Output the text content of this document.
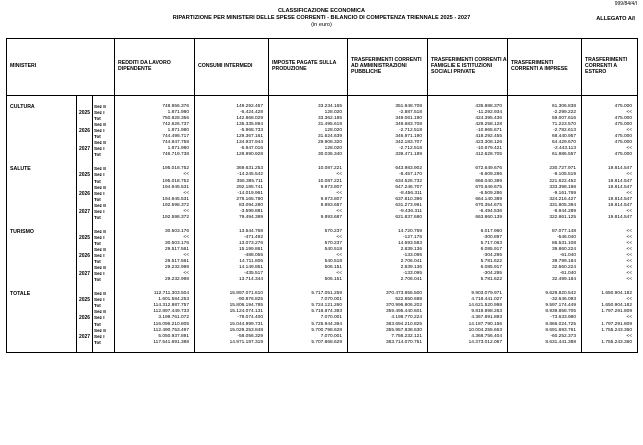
999/84/4/I
CLASSIFICAZIONE ECONOMICA
RIPARTIZIONE PER MINISTERI DELLE SPESE CORRENTI - BILANCIO DI COMPETENZA TRIENNALE 2025 - 2027
(in euro)
ALLEGATO A/I
MINISTERI			REDDITI DA LAVORO DIPENDENTE	CONSUMI INTERMEDI	IMPOSTE PAGATE SULLA PRODUZIONE	TRASFERIMENTI CORRENTI AD AMMINISTRAZIONI PUBBLICHE	TRASFERIMENTI CORRENTI A FAMIGLIE E ISTITUZIONI SOCIALI PRIVATE	TRASFERIMENTI CORRENTI A IMPRESE	TRASFERIMENTI CORRENTI A ESTERO

CULTURA		Sez II	748.956.376	149.292.457	33.234.165	351.948.708	435.888.370	61.306.838	475.000
	2025	Sez I	1.871.980	-6.424.428	128.020	-2.887.518	-11.292.934	-2.299.222	<<
		Tot	750.828.356	142.868.029	33.362.185	349.061.190	424.395.436	59.007.616	475.000
		Sez II	742.626.737	135.335.894	31.495.619	349.683.708	429.258.128	71.223.570	475.000
	2026	Sez I	1.871.980	-5.968.733	128.020	-2.712.518	-10.965.671	-2.782.613	<<
		Tot	744.498.717	129.367.161	31.624.639	346.971.190	418.292.455	68.440.957	475.000
		Sez II	744.847.758	134.937.944	29.908.320	342.183.707	423.308.126	64.429.670	475.000
	2027	Sez I	1.871.980	-5.947.016	128.020	-2.712.518	-10.679.421	-2.443.113	<<
		Tot	746.719.738	128.990.928	30.036.340	339.471.189	412.628.705	61.986.557	475.000

SALUTE		Sez II	195.018.752	369.631.253	10.087.221	643.983.902	672.649.676	230.727.971	19.814.547
	2025	Sez I	<<	-14.245.542	<<	-8.457.170	-6.609.286	-9.105.519	<<
		Tot	195.018.752	355.385.711	10.087.221	634.526.732	666.040.389	221.622.452	19.814.547
		Sez II	194.945.531	292.185.741	9.973.807	647.246.707	670.649.675	333.398.198	19.814.547
	2026	Sez I	<<	-14.019.961	<<	-8.456.311	-6.509.286	-9.161.769	<<
		Tot	194.945.531	278.165.780	9.973.807	637.810.396	664.140.389	324.216.427	19.814.547
		Sez II	192.598.372	83.094.280	9.893.687	631.273.991	670.354.675	331.805.394	19.814.547
	2027	Sez I	<<	-3.599.881	<<	-9.436.311	-6.494.536	-8.944.289	<<
		Tot	192.598.372	79.494.399	9.893.687	621.837.680	663.860.139	322.861.125	19.814.547

TURISMO		Sez II	30.503.176	13.544.768	570.237	14.720.759	6.017.960	87.077.148	<<
	2025	Sez I	<<	-471.492	<<	-127.176	-300.897	-546.040	<<
		Tot	30.503.176	13.073.276	570.237	14.593.583	5.717.063	86.531.108	<<
		Sez II	29.517.561	15.199.861	540.518	2.839.136	6.085.917	39.860.224	<<
	2026	Sez I	<<	-488.055	<<	-133.095	-304.295	-61.040	<<
		Tot	29.517.561	14.711.806	540.518	2.706.041	5.781.622	39.799.184	<<
		Sez II	29.232.998	14.149.861	506.151	2.839.136	6.085.917	32.560.224	<<
	2027	Sez I	<<	-435.517	<<	-133.095	-304.295	-61.040	<<
		Tot	29.232.998	13.714.344	506.151	2.706.041	5.781.622	32.499.184	<<

TOTALE		Sez II	112.711.303.504	15.897.071.610	5.717.051.259	370.473.955.500	9.903.079.971	9.629.820.542	1.650.904.182
	2025	Sez I	1.601.584.253	-90.876.825	7.070.001	522.850.698	4.718.441.027	-32.646.093	<<
		Tot	114.312.887.757	15.806.194.785	5.724.121.260	370.996.806.202	14.621.520.998	9.597.174.449	1.650.904.182
		Sez II	112.897.449.733	15.124.074.131	5.718.874.393	359.495.440.601	9.819.898.263	8.939.858.705	1.797.291.809
	2026	Sez I	3.198.761.072	-79.074.400	7.070.001	4.198.770.224	4.367.891.893	-73.633.980	<<
		Tot	116.096.210.805	15.044.999.731	5.725.944.394	363.694.210.825	14.187.790.156	8.866.024.725	1.797.291.809
		Sez II	112.490.753.497	15.029.253.848	5.700.798.628	355.957.838.630	10.004.255.663	8.691.693.761	1.755.243.360
	2027	Sez I	5.050.937.891	-58.056.329	7.070.001	7.756.232.121	4.368.756.404	-60.252.373	<<
		Tot	117.541.691.388	14.971.197.319	5.707.868.629	363.714.070.751	14.373.012.067	8.631.441.388	1.755.243.360
